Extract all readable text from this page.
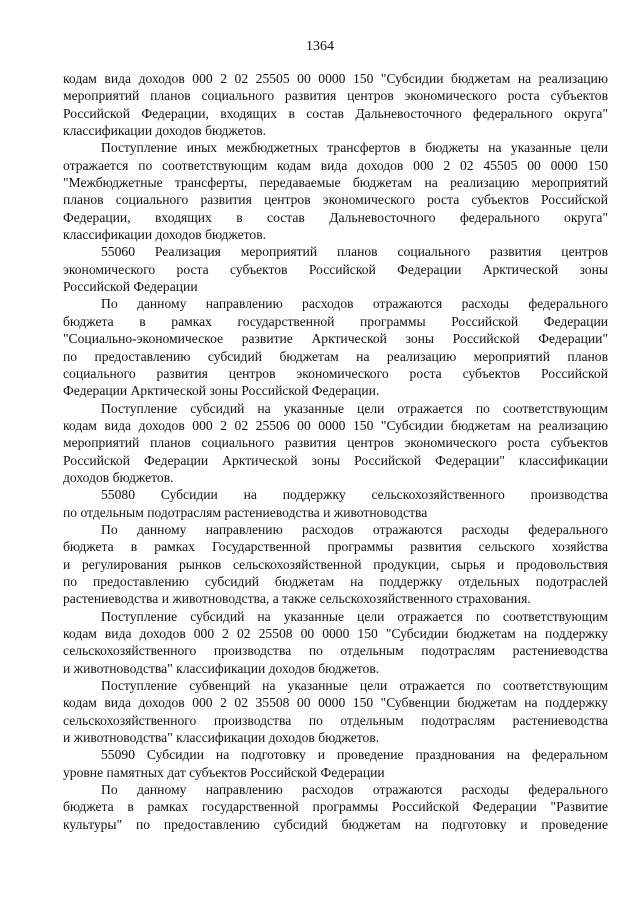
1364
кодам вида доходов 000 2 02 25505 00 0000 150 "Субсидии бюджетам на реализацию
мероприятий планов социального развития центров экономического роста субъектов
Российской Федерации, входящих в состав Дальневосточного федерального округа"
классификации доходов бюджетов.
Поступление иных межбюджетных трансфертов в бюджеты на указанные цели
отражается по соответствующим кодам вида доходов 000 2 02 45505 00 0000 150
"Межбюджетные трансферты, передаваемые бюджетам на реализацию мероприятий
планов социального развития центров экономического роста субъектов Российской
Федерации, входящих в состав Дальневосточного федерального округа"
классификации доходов бюджетов.
55060 Реализация мероприятий планов социального развития центров
экономического роста субъектов Российской Федерации Арктической зоны
Российской Федерации
По данному направлению расходов отражаются расходы федерального
бюджета в рамках государственной программы Российской Федерации
"Социально-экономическое развитие Арктической зоны Российской Федерации"
по предоставлению субсидий бюджетам на реализацию мероприятий планов
социального развития центров экономического роста субъектов Российской
Федерации Арктической зоны Российской Федерации.
Поступление субсидий на указанные цели отражается по соответствующим
кодам вида доходов 000 2 02 25506 00 0000 150 "Субсидии бюджетам на реализацию
мероприятий планов социального развития центров экономического роста субъектов
Российской Федерации Арктической зоны Российской Федерации" классификации
доходов бюджетов.
55080 Субсидии на поддержку сельскохозяйственного производства
по отдельным подотраслям растениеводства и животноводства
По данному направлению расходов отражаются расходы федерального
бюджета в рамках Государственной программы развития сельского хозяйства
и регулирования рынков сельскохозяйственной продукции, сырья и продовольствия
по предоставлению субсидий бюджетам на поддержку отдельных подотраслей
растениеводства и животноводства, а также сельскохозяйственного страхования.
Поступление субсидий на указанные цели отражается по соответствующим
кодам вида доходов 000 2 02 25508 00 0000 150 "Субсидии бюджетам на поддержку
сельскохозяйственного производства по отдельным подотраслям растениеводства
и животноводства" классификации доходов бюджетов.
Поступление субвенций на указанные цели отражается по соответствующим
кодам вида доходов 000 2 02 35508 00 0000 150 "Субвенции бюджетам на поддержку
сельскохозяйственного производства по отдельным подотраслям растениеводства
и животноводства" классификации доходов бюджетов.
55090 Субсидии на подготовку и проведение празднования на федеральном
уровне памятных дат субъектов Российской Федерации
По данному направлению расходов отражаются расходы федерального
бюджета в рамках государственной программы Российской Федерации "Развитие
культуры" по предоставлению субсидий бюджетам на подготовку и проведение
